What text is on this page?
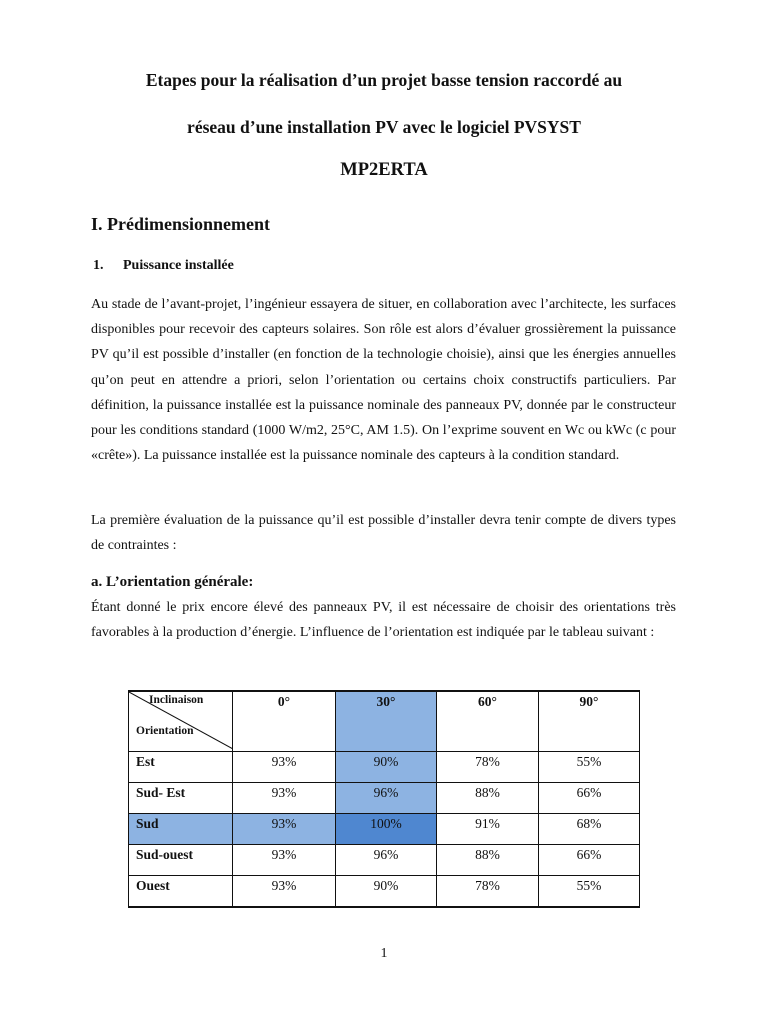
Etapes pour la réalisation d’un projet basse tension raccordé au
réseau d’une installation PV avec le logiciel PVSYST
MP2ERTA
I. Prédimensionnement
1. Puissance installée

Au stade de l’avant-projet, l’ingénieur essayera de situer, en collaboration avec l’architecte, les surfaces disponibles pour recevoir des capteurs solaires. Son rôle est alors d’évaluer grossièrement la puissance PV qu’il est possible d’installer (en fonction de la technologie choisie), ainsi que les énergies annuelles qu’on peut en attendre a priori, selon l’orientation ou certains choix constructifs particuliers. Par définition, la puissance installée est la puissance nominale des panneaux PV, donnée par le constructeur pour les conditions standard (1000 W/m2, 25°C, AM 1.5). On l’exprime souvent en Wc ou kWc (c pour «crête»). La puissance installée est la puissance nominale des capteurs à la condition standard.

La première évaluation de la puissance qu’il est possible d’installer devra tenir compte de divers types de contraintes :

a. L’orientation générale:

Étant donné le prix encore élevé des panneaux PV, il est nécessaire de choisir des orientations très favorables à la production d’énergie. L’influence de l’orientation est indiquée par le tableau suivant :

Inclinaison
Orientation	0°	30°	60°	90°
Est	93%	90%	78%	55%
Sud- Est	93%	96%	88%	66%
Sud	93%	100%	91%	68%
Sud-ouest	93%	96%	88%	66%
Ouest	93%	90%	78%	55%

1
